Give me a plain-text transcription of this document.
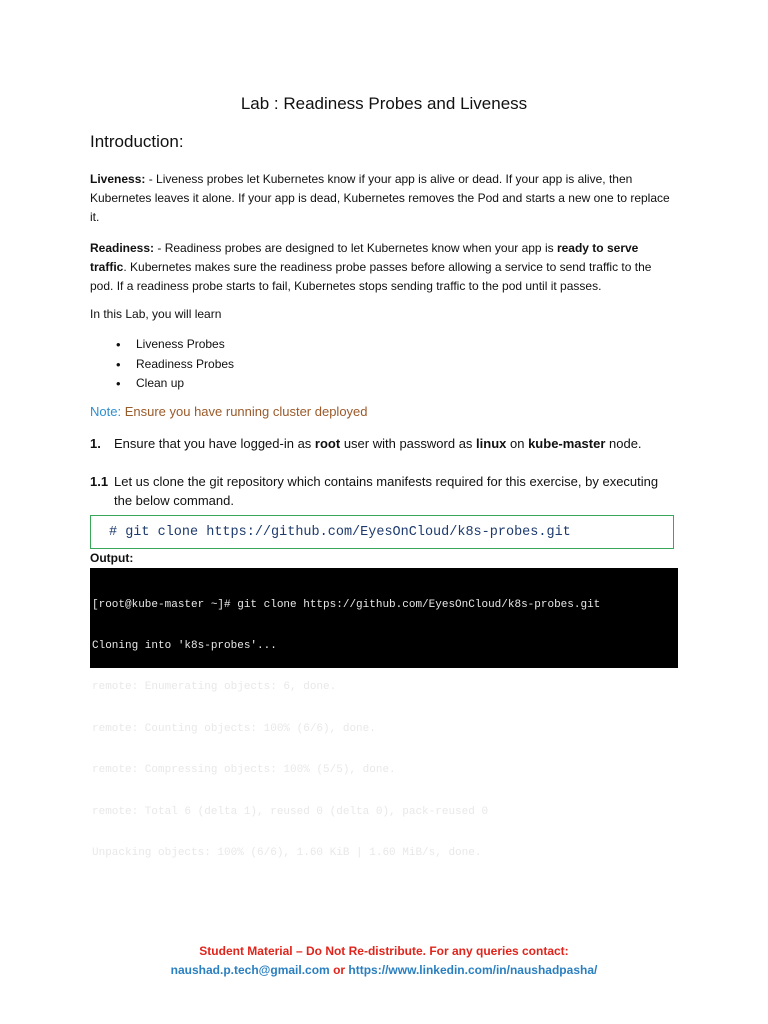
Lab : Readiness Probes and Liveness
Introduction:
Liveness: - Liveness probes let Kubernetes know if your app is alive or dead. If your app is alive, then Kubernetes leaves it alone. If your app is dead, Kubernetes removes the Pod and starts a new one to replace it.
Readiness: - Readiness probes are designed to let Kubernetes know when your app is ready to serve traffic. Kubernetes makes sure the readiness probe passes before allowing a service to send traffic to the pod. If a readiness probe starts to fail, Kubernetes stops sending traffic to the pod until it passes.
In this Lab, you will learn
• Liveness Probes
• Readiness Probes
• Clean up
Note: Ensure you have running cluster deployed
1.	Ensure that you have logged-in as root user with password as linux on kube-master node.
1.1 Let us clone the git repository which contains manifests required for this exercise, by executing the below command.
# git clone https://github.com/EyesOnCloud/k8s-probes.git
Output:

[root@kube-master ~]# git clone https://github.com/EyesOnCloud/k8s-probes.git

Cloning into 'k8s-probes'...

remote: Enumerating objects: 6, done.

remote: Counting objects: 100% (6/6), done.

remote: Compressing objects: 100% (5/5), done.

remote: Total 6 (delta 1), reused 0 (delta 0), pack-reused 0

Unpacking objects: 100% (6/6), 1.60 KiB | 1.60 MiB/s, done.

Student Material – Do Not Re-distribute. For any queries contact:
naushad.p.tech@gmail.com or https://www.linkedin.com/in/naushadpasha/
